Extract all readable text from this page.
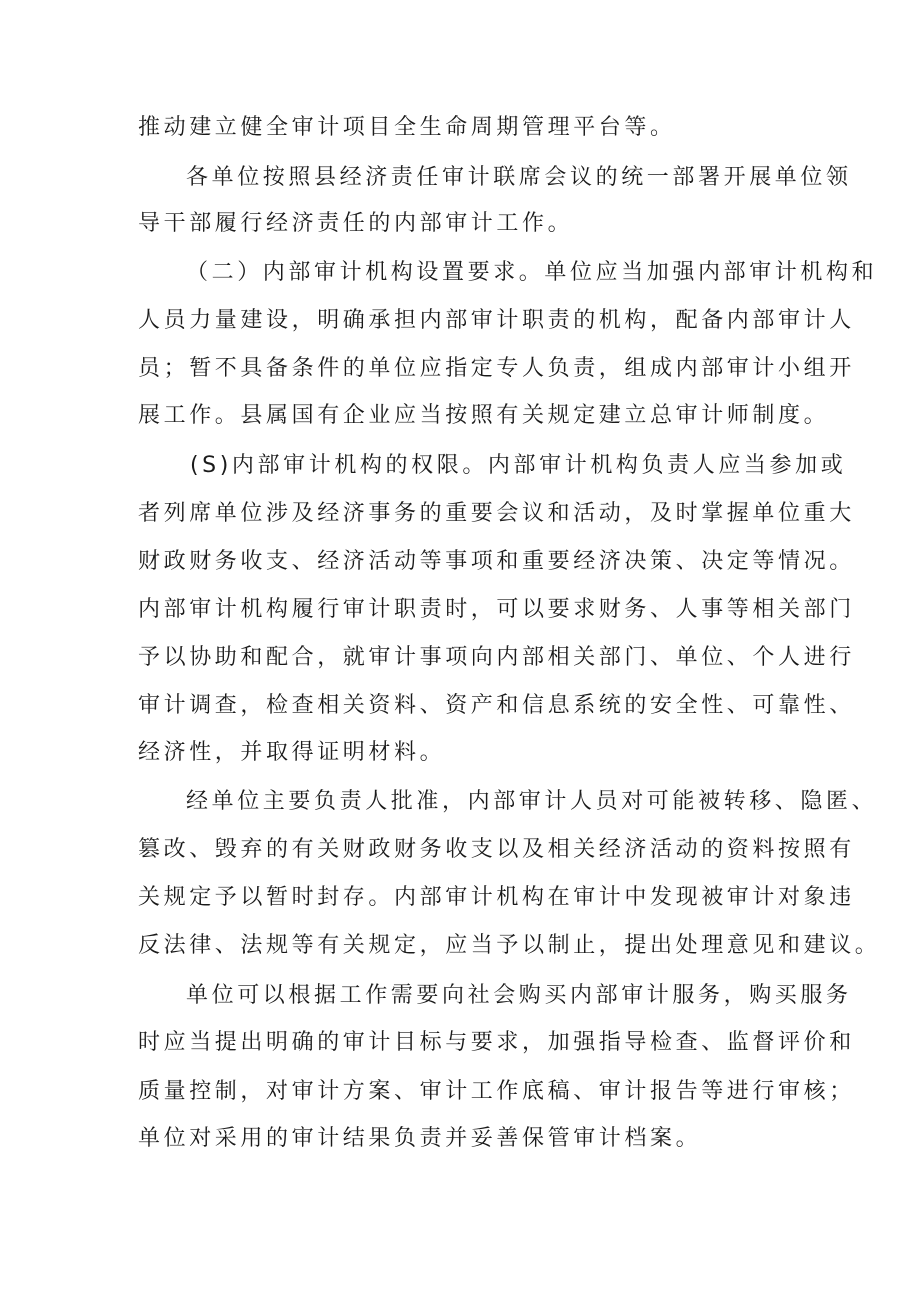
推动建立健全审计项目全生命周期管理平台等。
各单位按照县经济责任审计联席会议的统一部署开展单位领
导干部履行经济责任的内部审计工作。
（二）内部审计机构设置要求。单位应当加强内部审计机构和
人员力量建设，明确承担内部审计职责的机构，配备内部审计人
员；暂不具备条件的单位应指定专人负责，组成内部审计小组开
展工作。县属国有企业应当按照有关规定建立总审计师制度。
(S)内部审计机构的权限。内部审计机构负责人应当参加或
者列席单位涉及经济事务的重要会议和活动，及时掌握单位重大
财政财务收支、经济活动等事项和重要经济决策、决定等情况。
内部审计机构履行审计职责时，可以要求财务、人事等相关部门
予以协助和配合，就审计事项向内部相关部门、单位、个人进行
审计调查，检查相关资料、资产和信息系统的安全性、可靠性、
经济性，并取得证明材料。
经单位主要负责人批准，内部审计人员对可能被转移、隐匿、
篡改、毁弃的有关财政财务收支以及相关经济活动的资料按照有
关规定予以暂时封存。内部审计机构在审计中发现被审计对象违
反法律、法规等有关规定，应当予以制止，提出处理意见和建议。
单位可以根据工作需要向社会购买内部审计服务，购买服务
时应当提出明确的审计目标与要求，加强指导检查、监督评价和
质量控制，对审计方案、审计工作底稿、审计报告等进行审核；
单位对采用的审计结果负责并妥善保管审计档案。
